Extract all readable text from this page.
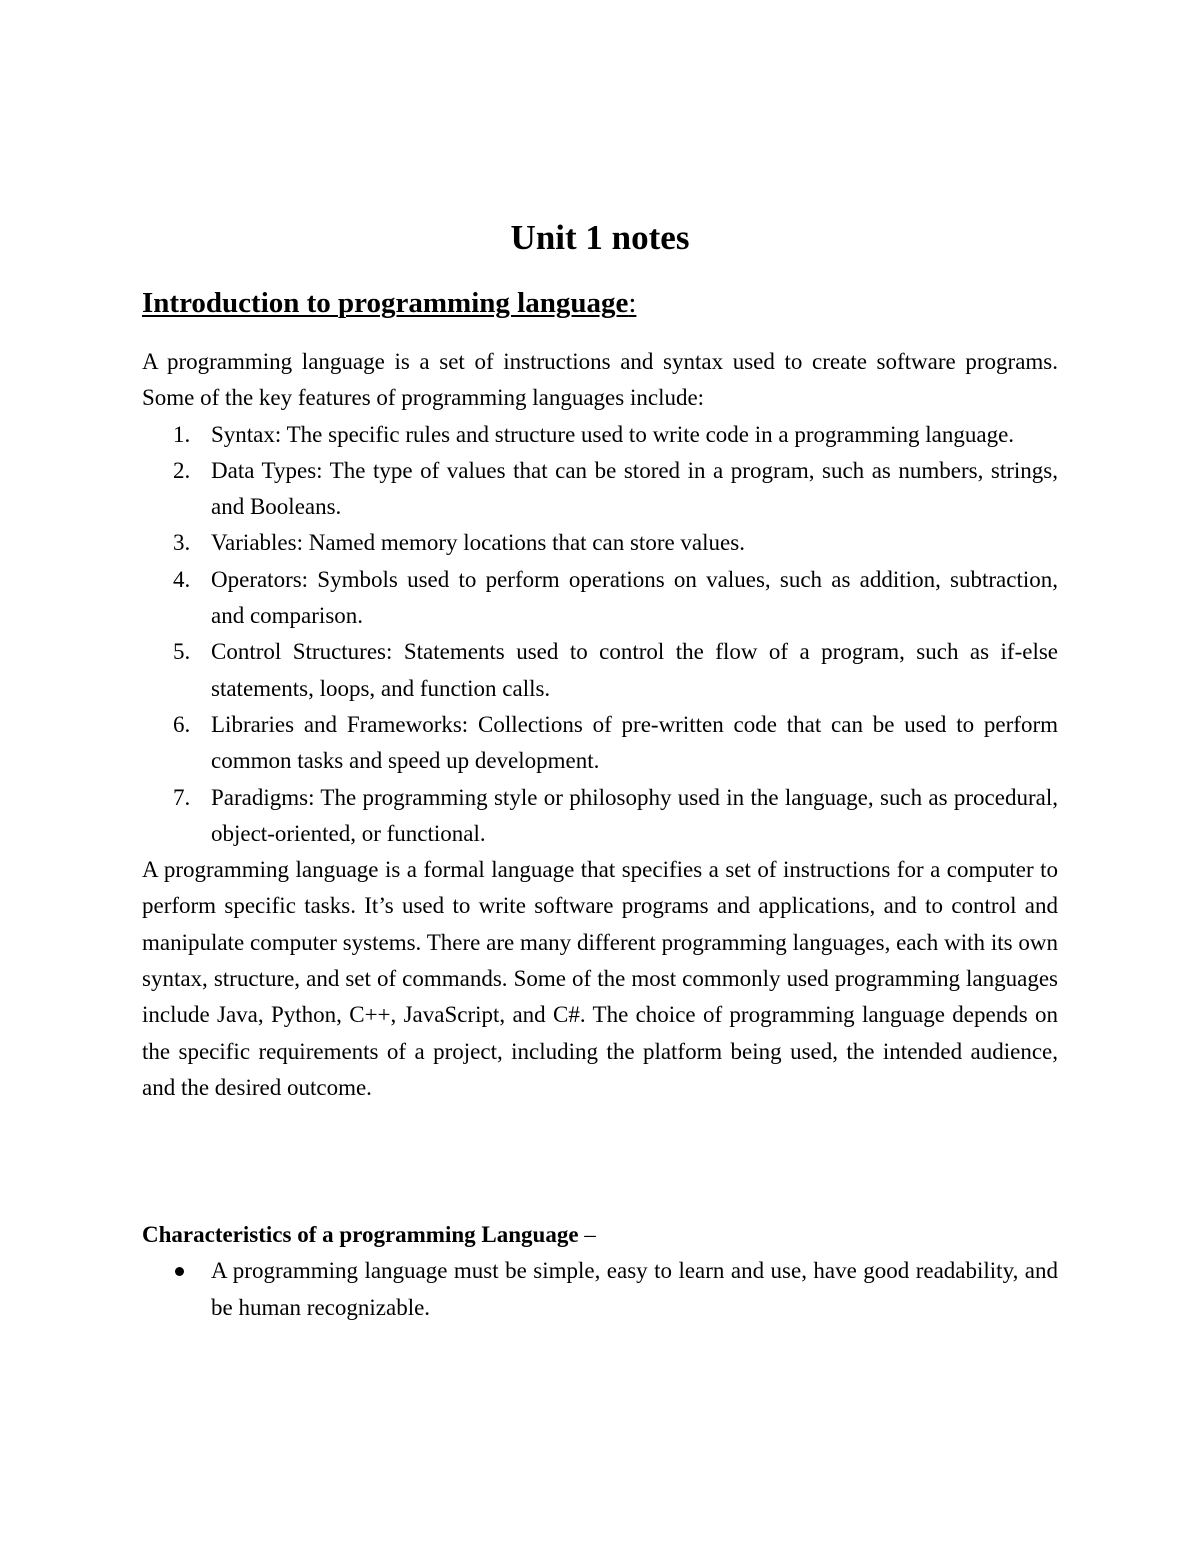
Unit 1 notes
Introduction to programming language:

A programming language is a set of instructions and syntax used to create software programs. Some of the key features of programming languages include:

1. Syntax: The specific rules and structure used to write code in a programming language.
2. Data Types: The type of values that can be stored in a program, such as numbers, strings, and Booleans.
3. Variables: Named memory locations that can store values.
4. Operators: Symbols used to perform operations on values, such as addition, subtraction, and comparison.
5. Control Structures: Statements used to control the flow of a program, such as if-else statements, loops, and function calls.
6. Libraries and Frameworks: Collections of pre-written code that can be used to perform common tasks and speed up development.
7. Paradigms: The programming style or philosophy used in the language, such as procedural, object-oriented, or functional.

A programming language is a formal language that specifies a set of instructions for a computer to perform specific tasks. It’s used to write software programs and applications, and to control and manipulate computer systems. There are many different programming languages, each with its own syntax, structure, and set of commands. Some of the most commonly used programming languages include Java, Python, C++, JavaScript, and C#. The choice of programming language depends on the specific requirements of a project, including the platform being used, the intended audience, and the desired outcome.

Characteristics of a programming Language –

A programming language must be simple, easy to learn and use, have good readability, and be human recognizable.
